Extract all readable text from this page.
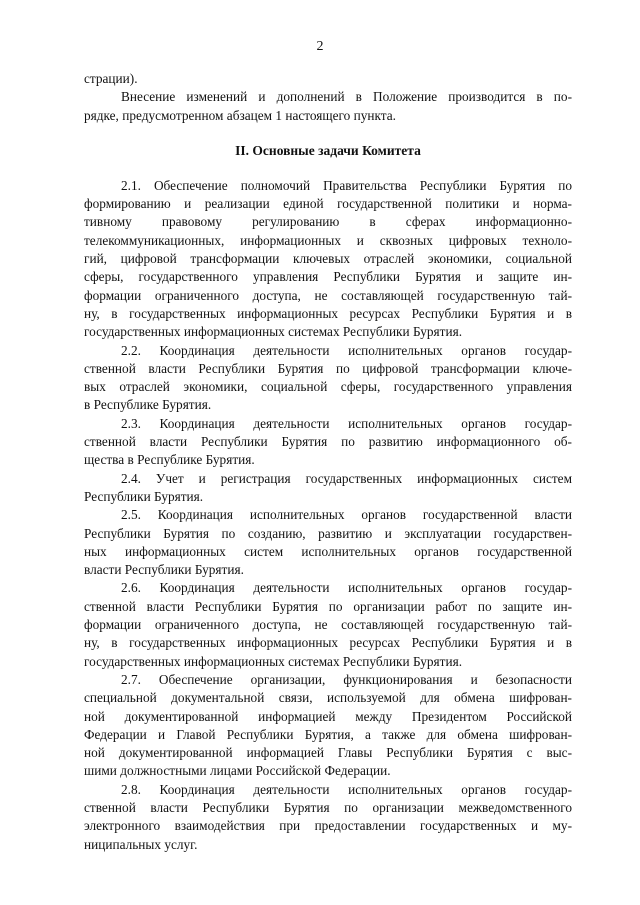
2
страции).
Внесение изменений и дополнений в Положение производится в по-
рядке, предусмотренном абзацем 1 настоящего пункта.
II. Основные задачи Комитета
2.1. Обеспечение полномочий Правительства Республики Бурятия по
формированию и реализации единой государственной политики и норма-
тивному правовому регулированию в сферах информационно-
телекоммуникационных, информационных и сквозных цифровых техноло-
гий, цифровой трансформации ключевых отраслей экономики, социальной
сферы, государственного управления Республики Бурятия и защите ин-
формации ограниченного доступа, не составляющей государственную тай-
ну, в государственных информационных ресурсах Республики Бурятия и в
государственных информационных системах Республики Бурятия.
2.2. Координация деятельности исполнительных органов государ-
ственной власти Республики Бурятия по цифровой трансформации ключе-
вых отраслей экономики, социальной сферы, государственного управления
в Республике Бурятия.
2.3. Координация деятельности исполнительных органов государ-
ственной власти Республики Бурятия по развитию информационного об-
щества в Республике Бурятия.
2.4. Учет и регистрация государственных информационных систем
Республики Бурятия.
2.5. Координация исполнительных органов государственной власти
Республики Бурятия по созданию, развитию и эксплуатации государствен-
ных информационных систем исполнительных органов государственной
власти Республики Бурятия.
2.6. Координация деятельности исполнительных органов государ-
ственной власти Республики Бурятия по организации работ по защите ин-
формации ограниченного доступа, не составляющей государственную тай-
ну, в государственных информационных ресурсах Республики Бурятия и в
государственных информационных системах Республики Бурятия.
2.7. Обеспечение организации, функционирования и безопасности
специальной документальной связи, используемой для обмена шифрован-
ной документированной информацией между Президентом Российской
Федерации и Главой Республики Бурятия, а также для обмена шифрован-
ной документированной информацией Главы Республики Бурятия с выс-
шими должностными лицами Российской Федерации.
2.8. Координация деятельности исполнительных органов государ-
ственной власти Республики Бурятия по организации межведомственного
электронного взаимодействия при предоставлении государственных и му-
ниципальных услуг.
